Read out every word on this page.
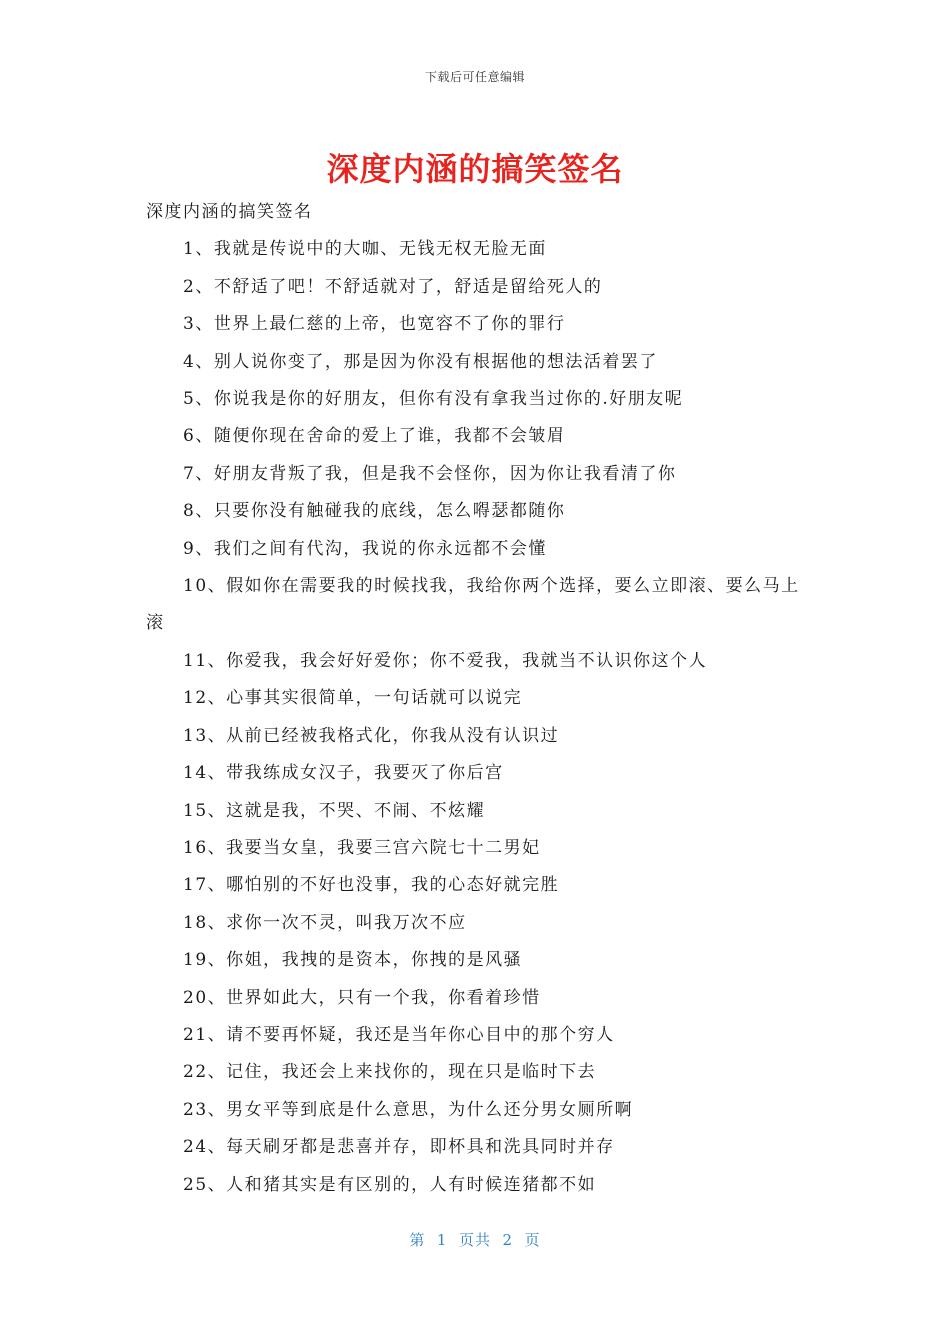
下载后可任意编辑
深度内涵的搞笑签名

深度内涵的搞笑签名

1、我就是传说中的大咖、无钱无权无脸无面

2、不舒适了吧！不舒适就对了，舒适是留给死人的

3、世界上最仁慈的上帝，也宽容不了你的罪行

4、别人说你变了，那是因为你没有根据他的想法活着罢了

5、你说我是你的好朋友，但你有没有拿我当过你的.好朋友呢

6、随便你现在舍命的爱上了谁，我都不会皱眉

7、好朋友背叛了我，但是我不会怪你，因为你让我看清了你

8、只要你没有触碰我的底线，怎么嘚瑟都随你

9、我们之间有代沟，我说的你永远都不会懂

10、假如你在需要我的时候找我，我给你两个选择，要么立即滚、要么马上滚

11、你爱我，我会好好爱你；你不爱我，我就当不认识你这个人

12、心事其实很简单，一句话就可以说完

13、从前已经被我格式化，你我从没有认识过

14、带我练成女汉子，我要灭了你后宫

15、这就是我，不哭、不闹、不炫耀

16、我要当女皇，我要三宫六院七十二男妃

17、哪怕别的不好也没事，我的心态好就完胜

18、求你一次不灵，叫我万次不应

19、你姐，我拽的是资本，你拽的是风骚

20、世界如此大，只有一个我，你看着珍惜

21、请不要再怀疑，我还是当年你心目中的那个穷人

22、记住，我还会上来找你的，现在只是临时下去

23、男女平等到底是什么意思，为什么还分男女厕所啊

24、每天刷牙都是悲喜并存，即杯具和洗具同时并存

25、人和猪其实是有区别的，人有时候连猪都不如

第  1  页共  2  页
